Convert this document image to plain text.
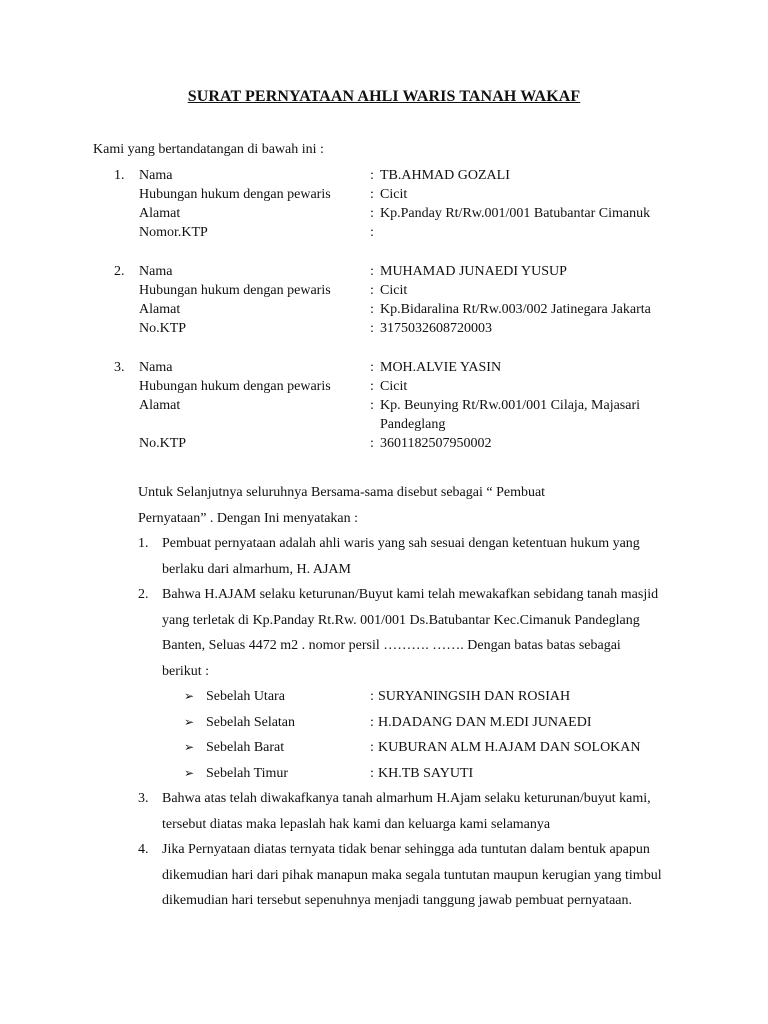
SURAT PERNYATAAN AHLI WARIS TANAH WAKAF
Kami yang bertandatangan di bawah ini :
1. Nama	: TB.AHMAD GOZALI
Hubungan hukum dengan pewaris	: Cicit
Alamat	: Kp.Panday Rt/Rw.001/001 Batubantar Cimanuk
Nomor.KTP	:
2. Nama	: MUHAMAD JUNAEDI YUSUP
Hubungan hukum dengan pewaris	: Cicit
Alamat	: Kp.Bidaralina Rt/Rw.003/002 Jatinegara Jakarta
No.KTP	: 3175032608720003
3. Nama	: MOH.ALVIE YASIN
Hubungan hukum dengan pewaris	: Cicit
Alamat	: Kp. Beunying Rt/Rw.001/001 Cilaja, Majasari Pandeglang
No.KTP	: 3601182507950002
Untuk Selanjutnya seluruhnya Bersama-sama disebut sebagai “ Pembuat Pernyataan” . Dengan Ini menyatakan :
1. Pembuat pernyataan adalah ahli waris yang sah sesuai dengan ketentuan hukum yang berlaku dari almarhum, H. AJAM
2. Bahwa H.AJAM selaku keturunan/Buyut kami telah mewakafkan sebidang tanah masjid yang terletak di Kp.Panday Rt.Rw. 001/001 Ds.Batubantar Kec.Cimanuk Pandeglang Banten, Seluas 4472 m2 . nomor persil ………. ……. Dengan batas batas sebagai berikut :
➢ Sebelah Utara	: SURYANINGSIH DAN ROSIAH
➢ Sebelah Selatan	: H.DADANG DAN M.EDI JUNAEDI
➢ Sebelah Barat	: KUBURAN ALM H.AJAM DAN SOLOKAN
➢ Sebelah Timur	: KH.TB SAYUTI
3. Bahwa atas telah diwakafkanya tanah almarhum H.Ajam selaku keturunan/buyut kami, tersebut diatas maka lepaslah hak kami dan keluarga kami selamanya
4. Jika Pernyataan diatas ternyata tidak benar sehingga ada tuntutan dalam bentuk apapun dikemudian hari dari pihak manapun maka segala tuntutan maupun kerugian yang timbul dikemudian hari tersebut sepenuhnya menjadi tanggung jawab pembuat pernyataan.
